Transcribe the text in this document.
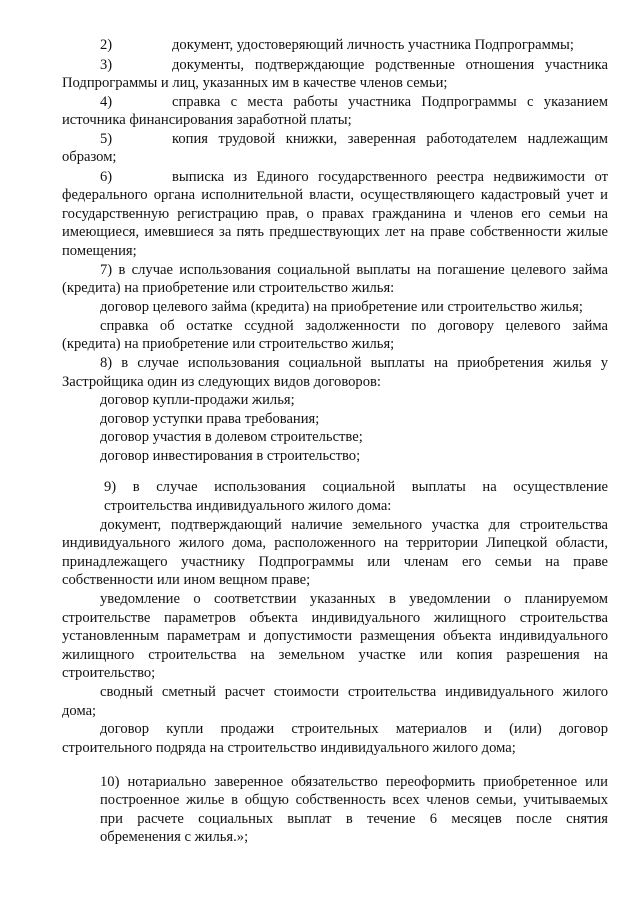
2)	документ, удостоверяющий личность участника Подпрограммы;
3)	документы, подтверждающие родственные отношения участника
Подпрограммы и лиц, указанных им в качестве членов семьи;
4)	справка с места работы участника Подпрограммы с указанием
источника финансирования заработной платы;
5)	копия трудовой книжки, заверенная работодателем надлежащим
образом;
6)	выписка из Единого государственного реестра недвижимости от
федерального органа исполнительной власти, осуществляющего кадастровый учет и
государственную регистрацию прав, о правах гражданина и членов его семьи на
имеющиеся, имевшиеся за пять предшествующих лет на праве собственности жилые
помещения;
7) в случае использования социальной выплаты на погашение целевого займа
(кредита) на приобретение или строительство жилья:
договор целевого займа (кредита) на приобретение или строительство жилья;
справка об остатке ссудной задолженности по договору целевого займа
(кредита) на приобретение или строительство жилья;
8) в случае использования социальной выплаты на приобретения жилья у
Застройщика один из следующих видов договоров:
договор купли-продажи жилья;
договор уступки права требования;
договор участия в долевом строительстве;
договор инвестирования в строительство;
9) в случае использования социальной выплаты на осуществление
строительства индивидуального жилого дома:
документ, подтверждающий наличие земельного участка для строительства
индивидуального жилого дома, расположенного на территории Липецкой области,
принадлежащего участнику Подпрограммы или членам его семьи на праве
собственности или ином вещном праве;
уведомление о соответствии указанных в уведомлении о планируемом
строительстве параметров объекта индивидуального жилищного строительства
установленным параметрам и допустимости размещения объекта индивидуального
жилищного строительства на земельном участке или копия разрешения на
строительство;
сводный сметный расчет стоимости строительства индивидуального жилого
дома;
договор купли продажи строительных материалов и (или) договор
строительного подряда на строительство индивидуального жилого дома;
10) нотариально заверенное обязательство переоформить приобретенное или
построенное жилье в общую собственность всех членов семьи, учитываемых
при расчете социальных выплат в течение 6 месяцев после снятия
обременения с жилья.»;
